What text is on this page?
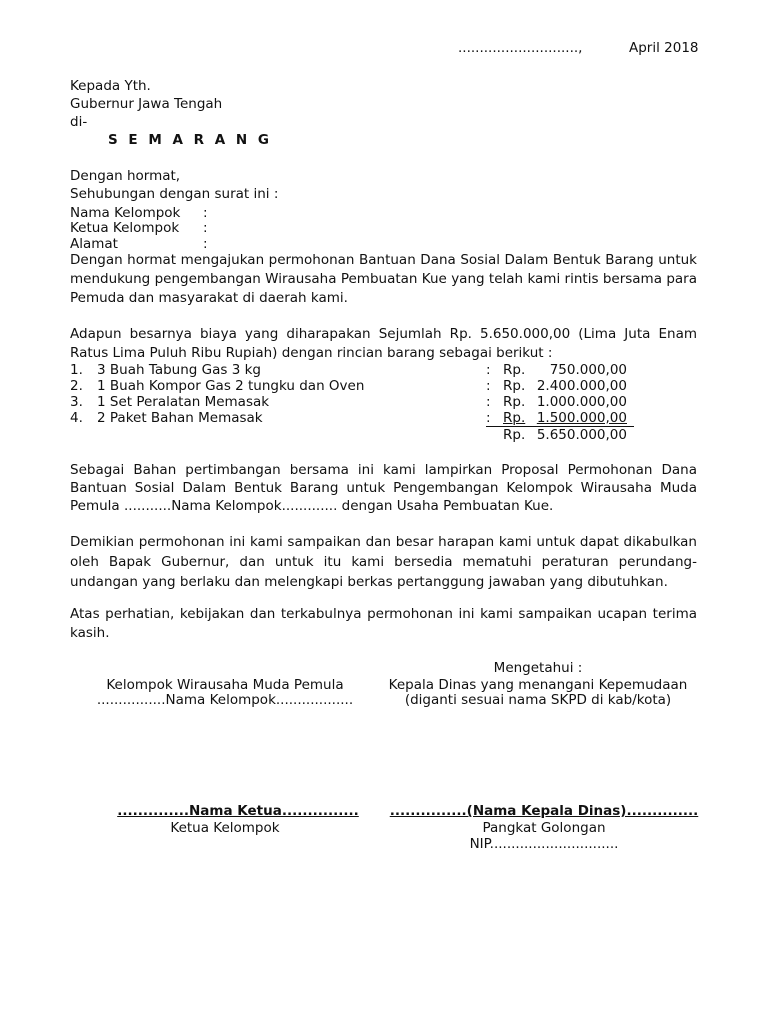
............................,	April 2018
Kepada Yth.
Gubernur Jawa Tengah
di-
S E M A R A N G
Dengan hormat,
Sehubungan dengan surat ini :
Nama Kelompok :
Ketua Kelompok :
Alamat	:
Dengan hormat mengajukan permohonan Bantuan Dana Sosial Dalam Bentuk Barang untuk mendukung pengembangan Wirausaha Pembuatan Kue yang telah kami rintis bersama para Pemuda dan masyarakat di daerah kami.
Adapun besarnya biaya yang diharapakan Sejumlah Rp. 5.650.000,00 (Lima Juta Enam Ratus Lima Puluh Ribu Rupiah) dengan rincian barang sebagai berikut :
1. 3 Buah Tabung Gas 3 kg	: Rp.	750.000,00
2. 1 Buah Kompor Gas 2 tungku dan Oven	: Rp. 2.400.000,00
3. 1 Set Peralatan Memasak	: Rp. 1.000.000,00
4. 2 Paket Bahan Memasak	: Rp. 1.500.000,00
Rp. 5.650.000,00
Sebagai Bahan pertimbangan bersama ini kami lampirkan Proposal Permohonan Dana Bantuan Sosial Dalam Bentuk Barang untuk Pengembangan Kelompok Wirausaha Muda Pemula ...........Nama Kelompok............. dengan Usaha Pembuatan Kue.
Demikian permohonan ini kami sampaikan dan besar harapan kami untuk dapat dikabulkan oleh Bapak Gubernur, dan untuk itu kami bersedia mematuhi peraturan perundang-undangan yang berlaku dan melengkapi berkas pertanggung jawaban yang dibutuhkan.
Atas perhatian, kebijakan dan terkabulnya permohonan ini kami sampaikan ucapan terima kasih.
Mengetahui :
Kepala Dinas yang menangani Kepemudaan
(diganti sesuai nama SKPD di kab/kota)
Kelompok Wirausaha Muda Pemula
................Nama Kelompok..................
..............Nama Ketua...............
Ketua Kelompok
...............(Nama Kepala Dinas)..............
Pangkat Golongan
NIP..............................
